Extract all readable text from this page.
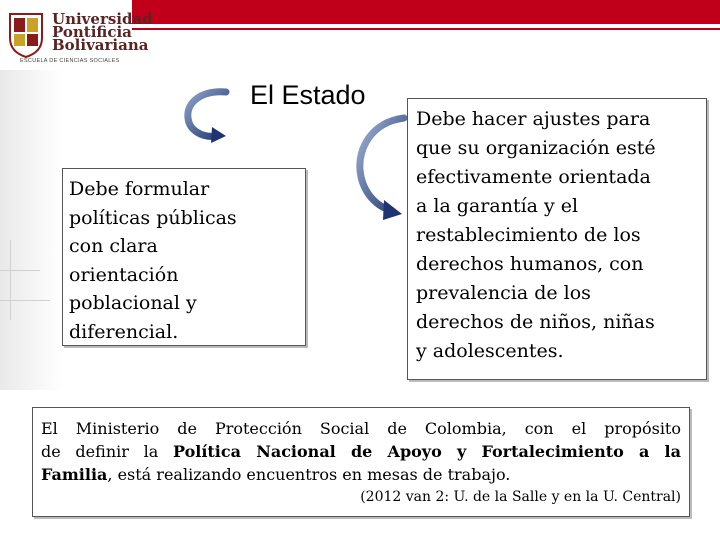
Universidad
Pontificia
Bolivariana
ESCUELA DE CIENCIAS SOCIALES
El Estado
Debe formular
políticas públicas
con clara
orientación
poblacional y
diferencial.
Debe hacer ajustes para
que su organización esté
efectivamente orientada
a la garantía y el
restablecimiento de los
derechos humanos, con
prevalencia de los
derechos de niños, niñas
y adolescentes.
El Ministerio de Protección Social de Colombia, con el propósito
de definir la Política Nacional de Apoyo y Fortalecimiento a la
Familia, está realizando encuentros en mesas de trabajo.
(2012 van 2: U. de la Salle y en la U. Central)
